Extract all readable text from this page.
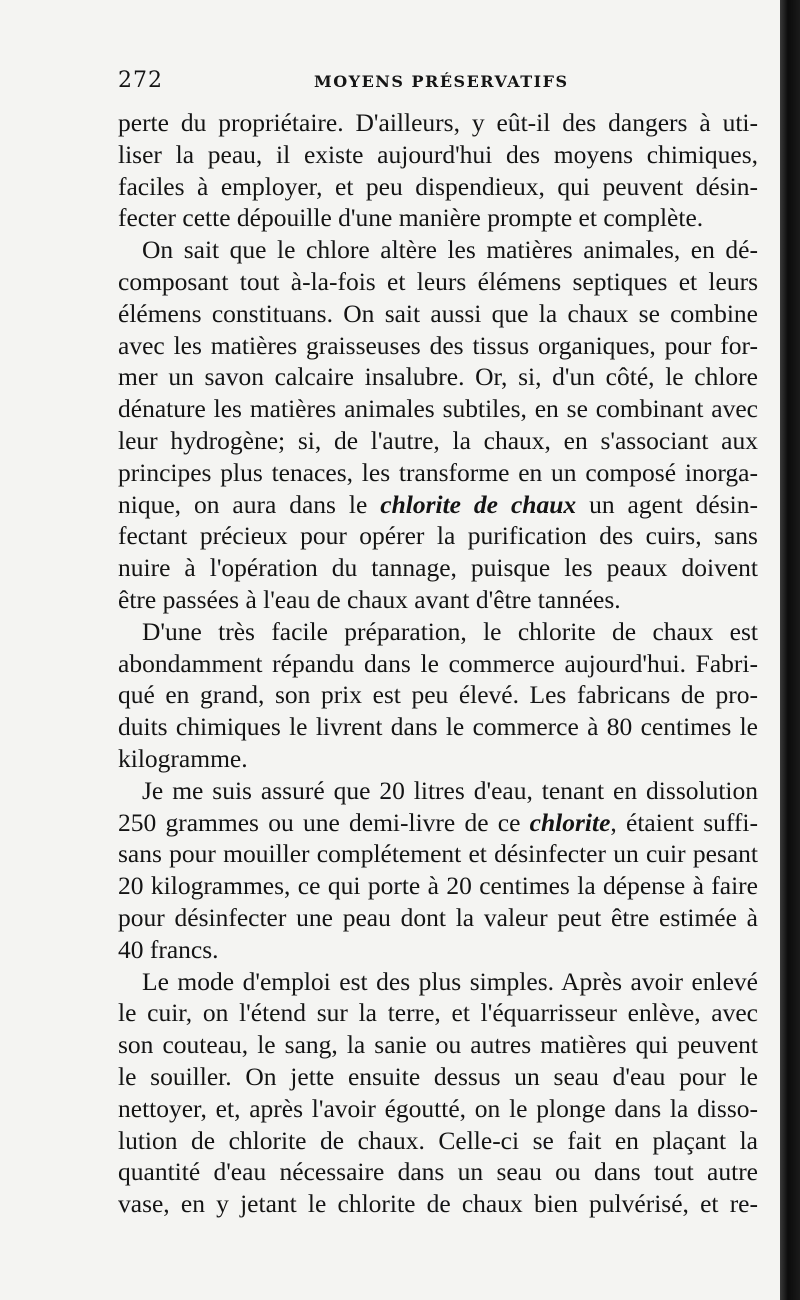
272	MOYENS PRÉSERVATIFS
perte du propriétaire. D'ailleurs, y eût-il des dangers à uti-
liser la peau, il existe aujourd'hui des moyens chimiques,
faciles à employer, et peu dispendieux, qui peuvent désin-
fecter cette dépouille d'une manière prompte et complète.
On sait que le chlore altère les matières animales, en dé-
composant tout à-la-fois et leurs élémens septiques et leurs
élémens constituans. On sait aussi que la chaux se combine
avec les matières graisseuses des tissus organiques, pour for-
mer un savon calcaire insalubre. Or, si, d'un côté, le chlore
dénature les matières animales subtiles, en se combinant avec
leur hydrogène; si, de l'autre, la chaux, en s'associant aux
principes plus tenaces, les transforme en un composé inorga-
nique, on aura dans le chlorite de chaux un agent désin-
fectant précieux pour opérer la purification des cuirs, sans
nuire à l'opération du tannage, puisque les peaux doivent
être passées à l'eau de chaux avant d'être tannées.
D'une très facile préparation, le chlorite de chaux est
abondamment répandu dans le commerce aujourd'hui. Fabri-
qué en grand, son prix est peu élevé. Les fabricans de pro-
duits chimiques le livrent dans le commerce à 80 centimes le
kilogramme.
Je me suis assuré que 20 litres d'eau, tenant en dissolution
250 grammes ou une demi-livre de ce chlorite, étaient suffi-
sans pour mouiller complétement et désinfecter un cuir pesant
20 kilogrammes, ce qui porte à 20 centimes la dépense à faire
pour désinfecter une peau dont la valeur peut être estimée à
40 francs.
Le mode d'emploi est des plus simples. Après avoir enlevé
le cuir, on l'étend sur la terre, et l'équarrisseur enlève, avec
son couteau, le sang, la sanie ou autres matières qui peuvent
le souiller. On jette ensuite dessus un seau d'eau pour le
nettoyer, et, après l'avoir égoutté, on le plonge dans la disso-
lution de chlorite de chaux. Celle-ci se fait en plaçant la
quantité d'eau nécessaire dans un seau ou dans tout autre
vase, en y jetant le chlorite de chaux bien pulvérisé, et re-
